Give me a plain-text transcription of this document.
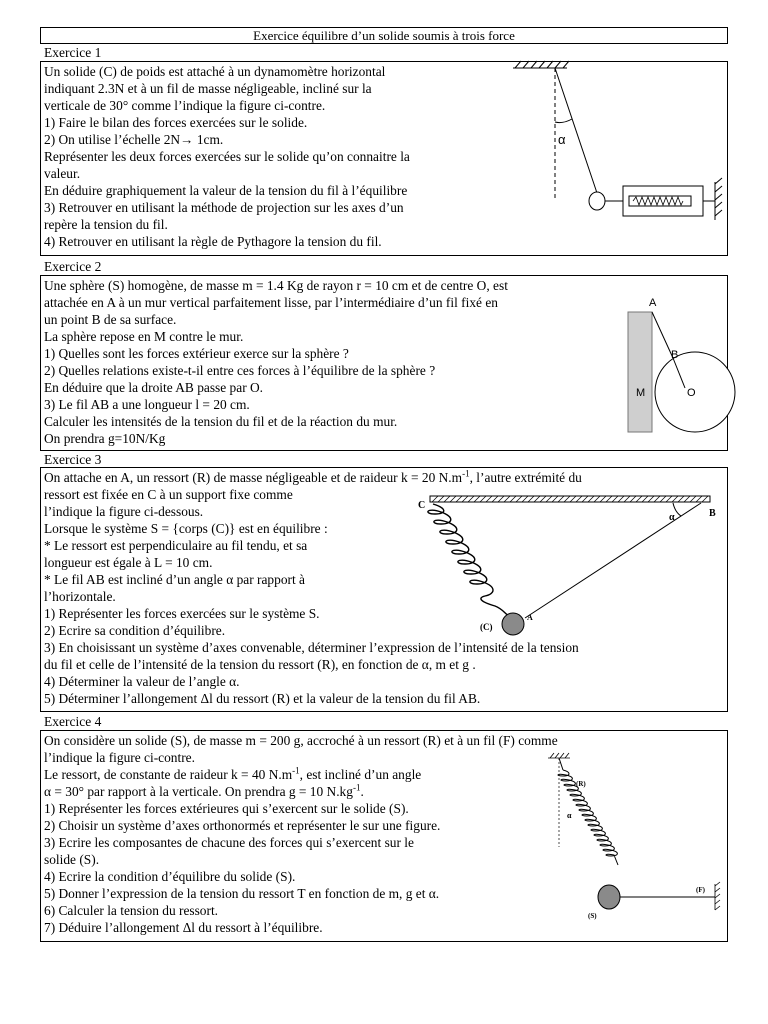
Exercice équilibre d’un solide soumis à trois force
Exercice 1
Un solide (C) de poids est attaché à un dynamomètre horizontal
indiquant 2.3N et à un fil de masse négligeable, incliné sur la
verticale de 30° comme l’indique la figure ci-contre.
1) Faire le bilan des forces exercées sur le solide.
2) On utilise l’échelle 2N→ 1cm.
Représenter les deux forces exercées sur le solide qu’on connaitre la
valeur.
En déduire graphiquement la valeur de la tension du fil à l’équilibre
3) Retrouver en utilisant la méthode de projection sur les axes d’un
repère la tension du fil.
4) Retrouver en utilisant la règle de Pythagore la tension du fil.
α
Exercice 2
Une sphère (S) homogène, de masse m = 1.4 Kg de rayon r = 10 cm et de centre O, est
attachée en A à un mur vertical parfaitement lisse, par l’intermédiaire d’un fil fixé en
un point B de sa surface.
La sphère repose en M contre le mur.
1) Quelles sont les forces extérieur exerce sur la sphère ?
2) Quelles relations existe-t-il entre ces forces à l’équilibre de la sphère ?
En déduire que la droite AB passe par O.
3) Le fil AB a une longueur l = 20 cm.
Calculer les intensités de la tension du fil et de la réaction du mur.
On prendra g=10N/Kg
A
B
M	O
Exercice 3
On attache en A, un ressort (R) de masse négligeable et de raideur k = 20 $N.m^{-1}$, l’autre extrémité du
ressort est fixée en C à un support fixe comme
l’indique la figure ci-dessous.
Lorsque le système S = {corps (C)} est en équilibre :
* Le ressort est perpendiculaire au fil tendu, et sa
longueur est égale à L = 10 cm.
* Le fil AB est incliné d’un angle α par rapport à
l’horizontale.
1) Représenter les forces exercées sur le système S.
2) Ecrire sa condition d’équilibre.
3) En choisissant un système d’axes convenable, déterminer l’expression de l’intensité de la tension
du fil et celle de l’intensité de la tension du ressort (R), en fonction de α, m et g .
4) Déterminer la valeur de l’angle α.
5) Déterminer l’allongement Δl du ressort (R) et la valeur de la tension du fil AB.
C
B
α
A
(C)
Exercice 4
On considère un solide (S), de masse m = 200 g, accroché à un ressort (R) et à un fil (F) comme
l’indique la figure ci-contre.
Le ressort, de constante de raideur k = 40 $N.m^{-1}$, est incliné d’un angle
α = 30° par rapport à la verticale. On prendra g = 10 $N.kg^{-1}$.
1) Représenter les forces extérieures qui s’exercent sur le solide (S).
2) Choisir un système d’axes orthonormés et représenter le sur une figure.
3) Ecrire les composantes de chacune des forces qui s’exercent sur le
solide (S).
4) Ecrire la condition d’équilibre du solide (S).
5) Donner l’expression de la tension du ressort T en fonction de m, g et α.
6) Calculer la tension du ressort.
7) Déduire l’allongement Δl du ressort à l’équilibre.
(R)
α
(F)
(S)
